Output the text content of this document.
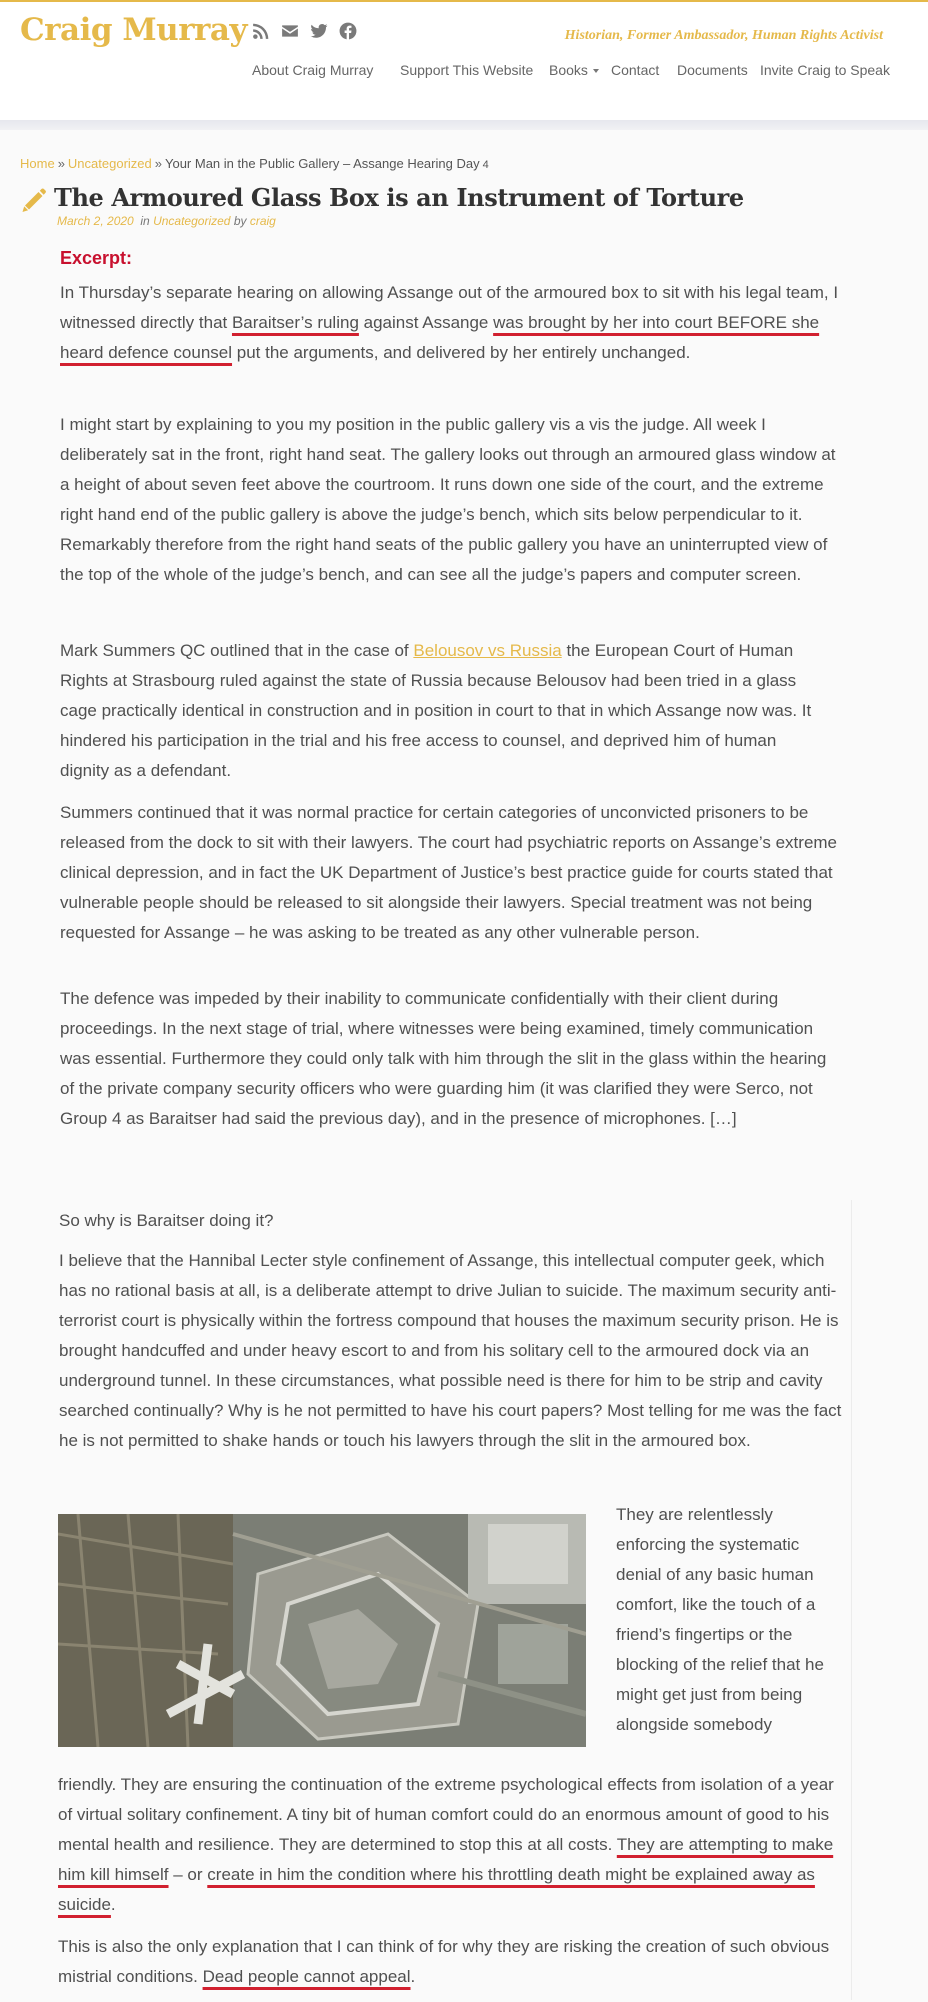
Craig Murray	Historian, Former Ambassador, Human Rights Activist
About Craig Murray Support This Website Books	Contact Documents Invite Craig to Speak
Home » Uncategorized » Your Man in the Public Gallery – Assange Hearing Day 4
The Armoured Glass Box is an Instrument of Torture
March 2, 2020 in Uncategorized by craig
Excerpt:
In Thursday’s separate hearing on allowing Assange out of the armoured box to sit with his legal team, I witnessed directly that Baraitser’s ruling against Assange was brought by her into court BEFORE she heard defence counsel put the arguments, and delivered by her entirely unchanged.
I might start by explaining to you my position in the public gallery vis a vis the judge. All week I deliberately sat in the front, right hand seat. The gallery looks out through an armoured glass window at a height of about seven feet above the courtroom. It runs down one side of the court, and the extreme right hand end of the public gallery is above the judge’s bench, which sits below perpendicular to it. Remarkably therefore from the right hand seats of the public gallery you have an uninterrupted view of the top of the whole of the judge’s bench, and can see all the judge’s papers and computer screen.
Mark Summers QC outlined that in the case of Belousov vs Russia the European Court of Human Rights at Strasbourg ruled against the state of Russia because Belousov had been tried in a glass cage practically identical in construction and in position in court to that in which Assange now was. It hindered his participation in the trial and his free access to counsel, and deprived him of human dignity as a defendant.
Summers continued that it was normal practice for certain categories of unconvicted prisoners to be released from the dock to sit with their lawyers. The court had psychiatric reports on Assange’s extreme clinical depression, and in fact the UK Department of Justice’s best practice guide for courts stated that vulnerable people should be released to sit alongside their lawyers. Special treatment was not being requested for Assange – he was asking to be treated as any other vulnerable person.
The defence was impeded by their inability to communicate confidentially with their client during proceedings. In the next stage of trial, where witnesses were being examined, timely communication was essential. Furthermore they could only talk with him through the slit in the glass within the hearing of the private company security officers who were guarding him (it was clarified they were Serco, not Group 4 as Baraitser had said the previous day), and in the presence of microphones. […]
So why is Baraitser doing it?
I believe that the Hannibal Lecter style confinement of Assange, this intellectual computer geek, which has no rational basis at all, is a deliberate attempt to drive Julian to suicide. The maximum security anti-terrorist court is physically within the fortress compound that houses the maximum security prison. He is brought handcuffed and under heavy escort to and from his solitary cell to the armoured dock via an underground tunnel. In these circumstances, what possible need is there for him to be strip and cavity searched continually? Why is he not permitted to have his court papers? Most telling for me was the fact he is not permitted to shake hands or touch his lawyers through the slit in the armoured box.
They are relentlessly enforcing the systematic denial of any basic human comfort, like the touch of a friend’s fingertips or the blocking of the relief that he might get just from being alongside somebody
friendly. They are ensuring the continuation of the extreme psychological effects from isolation of a year of virtual solitary confinement. A tiny bit of human comfort could do an enormous amount of good to his mental health and resilience. They are determined to stop this at all costs. They are attempting to make him kill himself – or create in him the condition where his throttling death might be explained away as suicide.
This is also the only explanation that I can think of for why they are risking the creation of such obvious mistrial conditions. Dead people cannot appeal.
